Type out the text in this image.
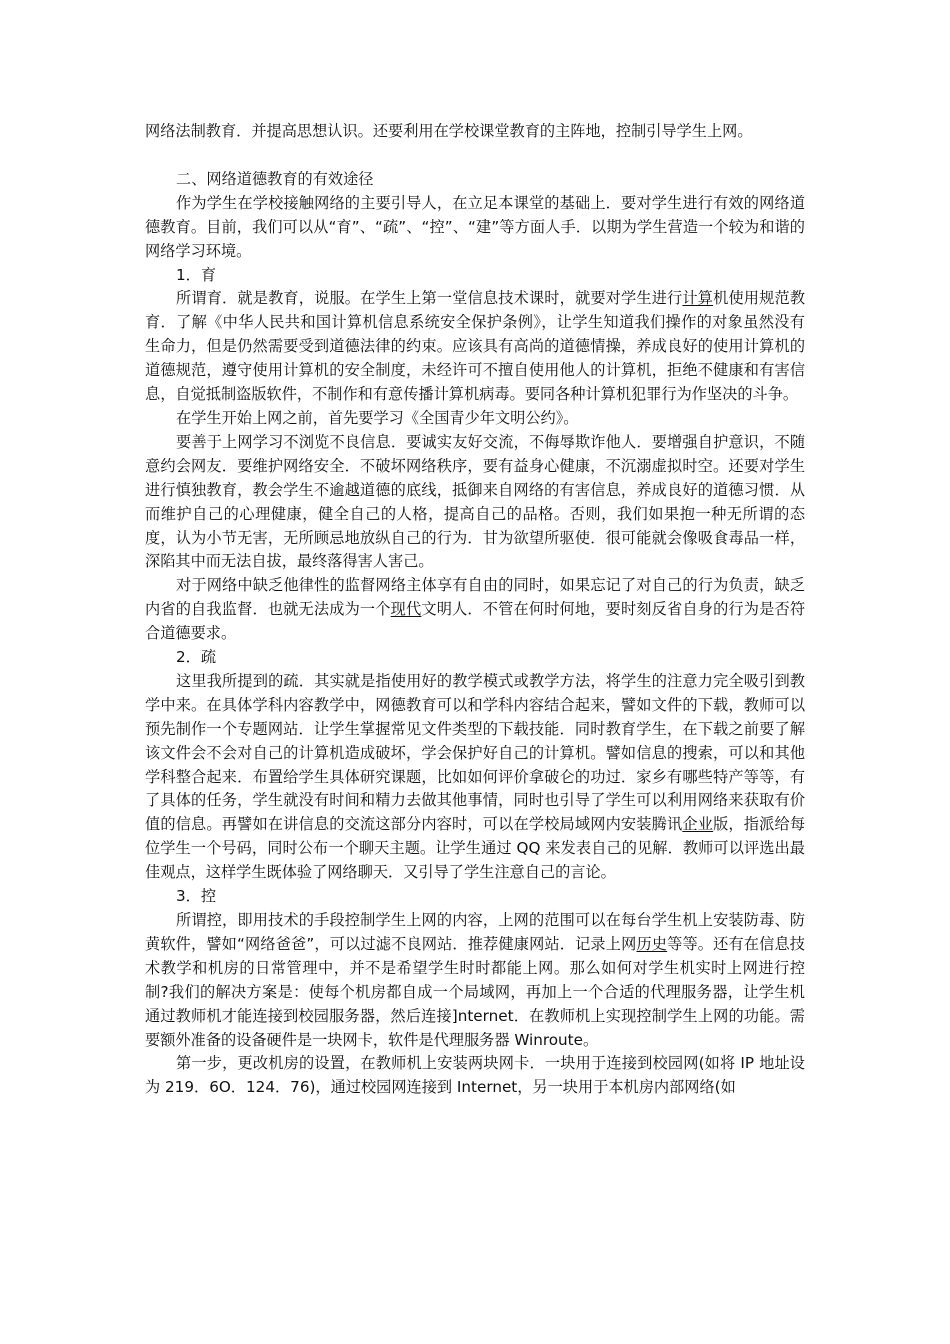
网络法制教育．并提高思想认识。还要利用在学校课堂教育的主阵地，控制引导学生上网。

二、网络道德教育的有效途径

作为学生在学校接触网络的主要引导人，在立足本课堂的基础上．要对学生进行有效的网络道德教育。目前，我们可以从“育”、“疏”、“控”、“建”等方面人手．以期为学生营造一个较为和谐的网络学习环境。

1．育

所谓育．就是教育，说服。在学生上第一堂信息技术课时，就要对学生进行计算机使用规范教育．了解《中华人民共和国计算机信息系统安全保护条例》，让学生知道我们操作的对象虽然没有生命力，但是仍然需要受到道德法律的约束。应该具有高尚的道德情操，养成良好的使用计算机的道德规范，遵守使用计算机的安全制度，未经许可不擅自使用他人的计算机，拒绝不健康和有害信息，自觉抵制盗版软件，不制作和有意传播计算机病毒。要同各种计算机犯罪行为作坚决的斗争。

在学生开始上网之前，首先要学习《全国青少年文明公约》。

要善于上网学习不浏览不良信息．要诚实友好交流，不侮辱欺诈他人．要增强自护意识，不随意约会网友．要维护网络安全．不破坏网络秩序，要有益身心健康，不沉溺虚拟时空。还要对学生进行慎独教育，教会学生不逾越道德的底线，抵御来自网络的有害信息，养成良好的道德习惯．从而维护自己的心理健康，健全自己的人格，提高自己的品格。否则，我们如果抱一种无所谓的态度，认为小节无害，无所顾忌地放纵自己的行为．甘为欲望所驱使．很可能就会像吸食毒品一样，深陷其中而无法自拔，最终落得害人害己。

对于网络中缺乏他律性的监督网络主体享有自由的同时，如果忘记了对自己的行为负责，缺乏内省的自我监督．也就无法成为一个现代文明人．不管在何时何地，要时刻反省自身的行为是否符合道德要求。

2．疏

这里我所提到的疏．其实就是指使用好的教学模式或教学方法，将学生的注意力完全吸引到教学中来。在具体学科内容教学中，网德教育可以和学科内容结合起来，譬如文件的下载，教师可以预先制作一个专题网站．让学生掌握常见文件类型的下载技能．同时教育学生，在下载之前要了解该文件会不会对自己的计算机造成破坏，学会保护好自己的计算机。譬如信息的搜索，可以和其他学科整合起来．布置给学生具体研究课题，比如如何评价拿破仑的功过．家乡有哪些特产等等，有了具体的任务，学生就没有时间和精力去做其他事情，同时也引导了学生可以利用网络来获取有价值的信息。再譬如在讲信息的交流这部分内容时，可以在学校局域网内安装腾讯企业版，指派给每位学生一个号码，同时公布一个聊天主题。让学生通过 QQ 来发表自己的见解．教师可以评选出最佳观点，这样学生既体验了网络聊天．又引导了学生注意自己的言论。

3．控

所谓控，即用技术的手段控制学生上网的内容，上网的范围可以在每台学生机上安装防毒、防黄软件，譬如“网络爸爸”，可以过滤不良网站．推荐健康网站．记录上网历史等等。还有在信息技术教学和机房的日常管理中，并不是希望学生时时都能上网。那么如何对学生机实时上网进行控制?我们的解决方案是：使每个机房都自成一个局域网，再加上一个合适的代理服务器，让学生机通过教师机才能连接到校园服务器，然后连接]nternet．在教师机上实现控制学生上网的功能。需要额外准备的设备硬件是一块网卡，软件是代理服务器 Winroute。

第一步，更改机房的设置，在教师机上安装两块网卡．一块用于连接到校园网(如将 IP 地址设为 219．6O．124．76)，通过校园网连接到 Internet，另一块用于本机房内部网络(如
